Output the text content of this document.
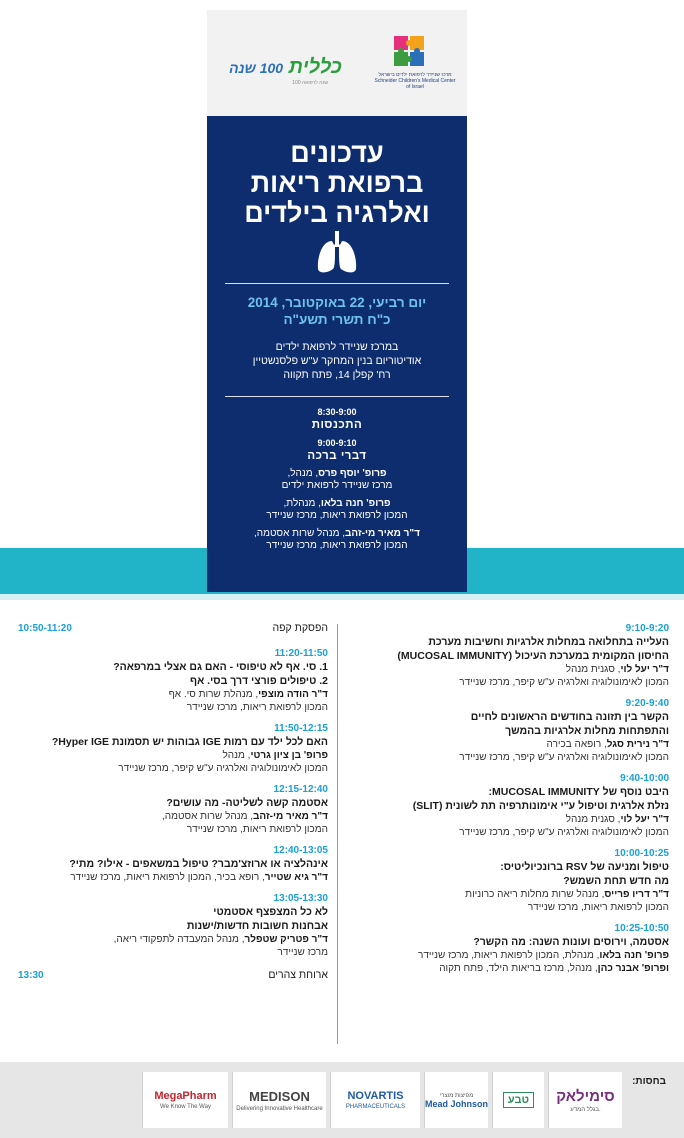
מרכז שניידר לרפואת ילדים בישראל Schneider Children's Medical Center of Israel
כללית 100 שנה
100 שנה לרפואה
עדכונים
ברפואת ריאות
ואלרגיה בילדים
יום רביעי, 22 באוקטובר, 2014
כ"ח תשרי תשע"ה
במרכז שניידר לרפואת ילדים
אודיטוריום בנין המחקר ע"ש פלסנשטיין
רח' קפלן 14, פתח תקווה
8:30-9:00
התכנסות
9:00-9:10
דברי ברכה
פרופ' יוסף פרס, מנהל,
מרכז שניידר לרפואת ילדים
פרופ' חנה בלאו, מנהלת,
המכון לרפואת ריאות, מרכז שניידר
ד"ר מאיר מי-זהב, מנהל שרות אסטמה,
המכון לרפואת ריאות, מרכז שניידר
9:10-9:20
העלייה בתחלואה במחלות אלרגיות וחשיבות מערכת
החיסון המקומית במערכת העיכול (MUCOSAL IMMUNITY)
ד"ר יעל לוי, סגנית מנהל
המכון לאימונולוגיה ואלרגיה ע"ש קיפר, מרכז שניידר
9:20-9:40
הקשר בין תזונה בחודשים הראשונים לחיים
והתפתחות מחלות אלרגיות בהמשך
ד"ר נירית סגל, רופאה בכירה
המכון לאימונולוגיה ואלרגיה ע"ש קיפר, מרכז שניידר
9:40-10:00
היבט נוסף של MUCOSAL IMMUNITY:
נזלת אלרגית וטיפול ע"י אימונותרפיה תת לשונית (SLIT)
ד"ר יעל לוי, סגנית מנהל
המכון לאימונולוגיה ואלרגיה ע"ש קיפר, מרכז שניידר
10:00-10:25
טיפול ומניעה של RSV ברונכיוליטיס:
מה חדש תחת השמש?
ד"ר דריו פרייס, מנהל שרות מחלות ריאה כרוניות
המכון לרפואת ריאות, מרכז שניידר
10:25-10:50
אסטמה, וירוסים ועונות השנה: מה הקשר?
פרופ' חנה בלאו, מנהלת, המכון לרפואת ריאות, מרכז שניידר
ופרופ' אבנר כהן, מנהל, מרכז בריאות הילד, פתח תקוה
10:50-11:20	הפסקת קפה
11:20-11:50
1. סי. אף לא טיפוסי - האם גם אצלי במרפאה?
2. טיפולים פורצי דרך בסי. אף
ד"ר הודה מוצפי, מנהלת שרות סי. אף
המכון לרפואת ריאות, מרכז שניידר
11:50-12:15
האם לכל ילד עם רמות IGE גבוהות יש תסמונת Hyper IGE?
פרופ' בן ציון גרטי, מנהל
המכון לאימונולוגיה ואלרגיה ע"ש קיפר, מרכז שניידר
12:15-12:40
אסטמה קשה לשליטה- מה עושים?
ד"ר מאיר מי-זהב, מנהל שרות אסטמה,
המכון לרפואת ריאות, מרכז שניידר
12:40-13:05
אינהלציה או ארוזצ'מבר? טיפול במשאפים - אילו? מתי?
ד"ר גיא שטייר, רופא בכיר, המכון לרפואת ריאות, מרכז שניידר
13:05-13:30
לא כל המצפצף אסטמטי
אבחנות חשובות חדשות/ישנות
ד"ר פטריק שטפלר, מנהל המעבדה לתפקודי ריאה,
מרכז שניידר
13:30	ארוחת צהרים
בחסות:
סימילאק
בגלל המדע.
טבע
מפיצות מוצרי
Mead Johnson
NOVARTIS
PHARMACEUTICALS
MEDISON
Delivering Innovative Healthcare
MegaPharm
We Know The Way
